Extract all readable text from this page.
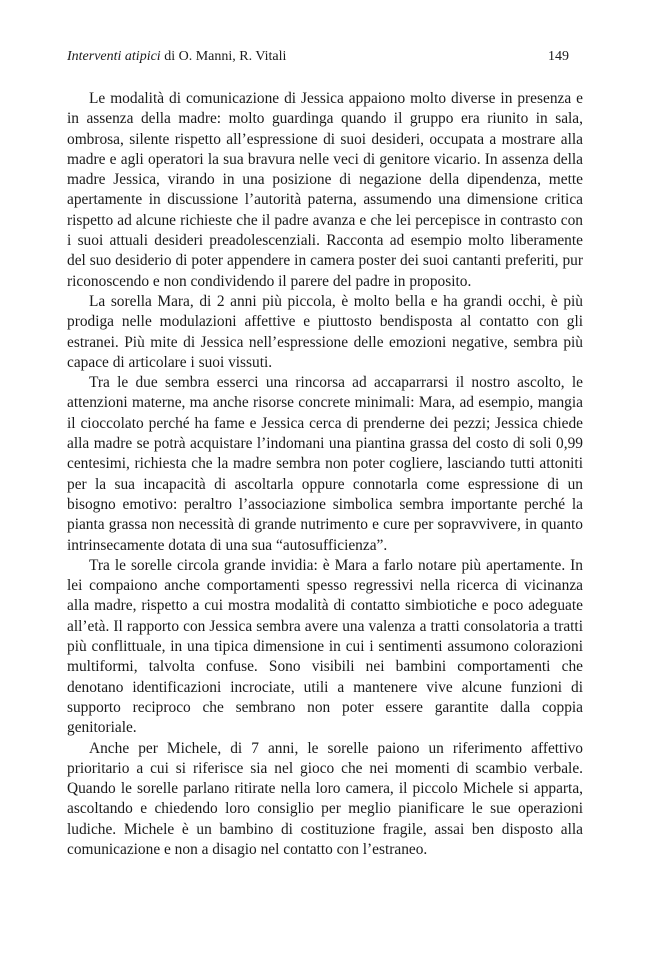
Interventi atipici di O. Manni, R. Vitali	149

Le modalità di comunicazione di Jessica appaiono molto diverse in presenza e in assenza della madre: molto guardinga quando il gruppo era riunito in sala, ombrosa, silente rispetto all’espressione di suoi desideri, occupata a mostrare alla madre e agli operatori la sua bravura nelle veci di genitore vicario. In assenza della madre Jessica, virando in una posizione di negazione della dipendenza, mette apertamente in discussione l’autorità paterna, assumendo una dimensione critica rispetto ad alcune richieste che il padre avanza e che lei percepisce in contrasto con i suoi attuali desideri preadolescenziali. Racconta ad esempio molto liberamente del suo desiderio di poter appendere in camera poster dei suoi cantanti preferiti, pur riconoscendo e non condividendo il parere del padre in proposito.

La sorella Mara, di 2 anni più piccola, è molto bella e ha grandi occhi, è più prodiga nelle modulazioni affettive e piuttosto bendisposta al contatto con gli estranei. Più mite di Jessica nell’espressione delle emozioni negative, sembra più capace di articolare i suoi vissuti.

Tra le due sembra esserci una rincorsa ad accaparrarsi il nostro ascolto, le attenzioni materne, ma anche risorse concrete minimali: Mara, ad esempio, mangia il cioccolato perché ha fame e Jessica cerca di prenderne dei pezzi; Jessica chiede alla madre se potrà acquistare l’indomani una piantina grassa del costo di soli 0,99 centesimi, richiesta che la madre sembra non poter cogliere, lasciando tutti attoniti per la sua incapacità di ascoltarla oppure connotarla come espressione di un bisogno emotivo: peraltro l’associazione simbolica sembra importante perché la pianta grassa non necessità di grande nutrimento e cure per sopravvivere, in quanto intrinsecamente dotata di una sua “autosufficienza”.

Tra le sorelle circola grande invidia: è Mara a farlo notare più apertamente. In lei compaiono anche comportamenti spesso regressivi nella ricerca di vicinanza alla madre, rispetto a cui mostra modalità di contatto simbiotiche e poco adeguate all’età. Il rapporto con Jessica sembra avere una valenza a tratti consolatoria a tratti più conflittuale, in una tipica dimensione in cui i sentimenti assumono colorazioni multiformi, talvolta confuse. Sono visibili nei bambini comportamenti che denotano identificazioni incrociate, utili a mantenere vive alcune funzioni di supporto reciproco che sembrano non poter essere garantite dalla coppia genitoriale.

Anche per Michele, di 7 anni, le sorelle paiono un riferimento affettivo prioritario a cui si riferisce sia nel gioco che nei momenti di scambio verbale. Quando le sorelle parlano ritirate nella loro camera, il piccolo Michele si apparta, ascoltando e chiedendo loro consiglio per meglio pianificare le sue operazioni ludiche. Michele è un bambino di costituzione fragile, assai ben disposto alla comunicazione e non a disagio nel contatto con l’estraneo.
